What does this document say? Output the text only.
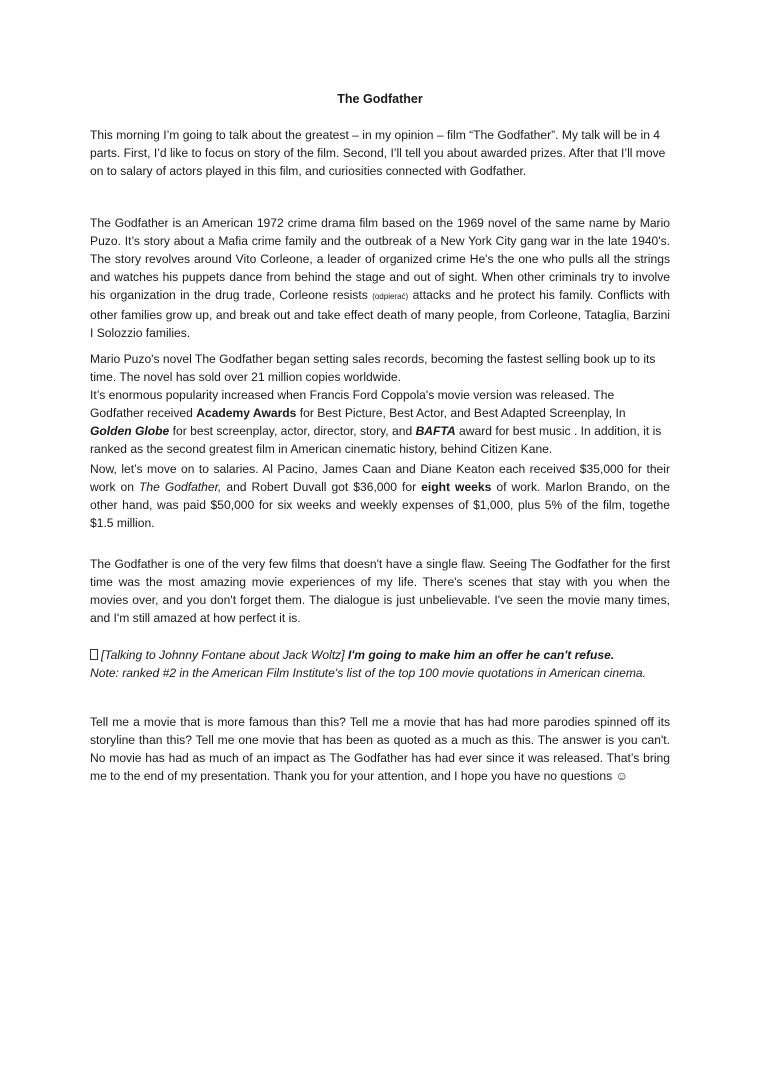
The Godfather

This morning I’m going to talk about the greatest – in my opinion – film “The Godfather”. My talk will be in 4 parts. First, I’d like to focus on story of the film. Second, I’ll tell you about awarded prizes. After that I’ll move on to salary of actors played in this film, and curiosities connected with Godfather.

The Godfather is an American 1972 crime drama film based on the 1969 novel of the same name by Mario Puzo. It’s story about a Mafia crime family and the outbreak of a New York City gang war in the late 1940's. The story revolves around Vito Corleone, a leader of organized crime He's the one who pulls all the strings and watches his puppets dance from behind the stage and out of sight. When other criminals try to involve his organization in the drug trade, Corleone resists (odpierać) attacks and he protect his family. Conflicts with other families grow up, and break out and take effect death of many people, from Corleone, Tataglia, Barzini I Solozzio families.

Mario Puzo's novel The Godfather began setting sales records, becoming the fastest selling book up to its time. The novel has sold over 21 million copies worldwide.
It’s enormous popularity increased when Francis Ford Coppola's movie version was released. The Godfather received Academy Awards for Best Picture, Best Actor, and Best Adapted Screenplay, In Golden Globe for best screenplay, actor, director, story, and BAFTA award for best music . In addition, it is ranked as the second greatest film in American cinematic history, behind Citizen Kane.

Now, let’s move on to salaries. Al Pacino, James Caan and Diane Keaton each received $35,000 for their work on The Godfather, and Robert Duvall got $36,000 for eight weeks of work. Marlon Brando, on the other hand, was paid $50,000 for six weeks and weekly expenses of $1,000, plus 5% of the film, togethe $1.5 million.

The Godfather is one of the very few films that doesn't have a single flaw. Seeing The Godfather for the first time was the most amazing movie experiences of my life. There's scenes that stay with you when the movies over, and you don't forget them. The dialogue is just unbelievable. I've seen the movie many times, and I'm still amazed at how perfect it is.

[Talking to Johnny Fontane about Jack Woltz] I'm going to make him an offer he can't refuse.
Note: ranked #2 in the American Film Institute's list of the top 100 movie quotations in American cinema.

Tell me a movie that is more famous than this? Tell me a movie that has had more parodies spinned off its storyline than this? Tell me one movie that has been as quoted as a much as this. The answer is you can't. No movie has had as much of an impact as The Godfather has had ever since it was released. That’s bring me to the end of my presentation. Thank you for your attention, and I hope you have no questions ☺
